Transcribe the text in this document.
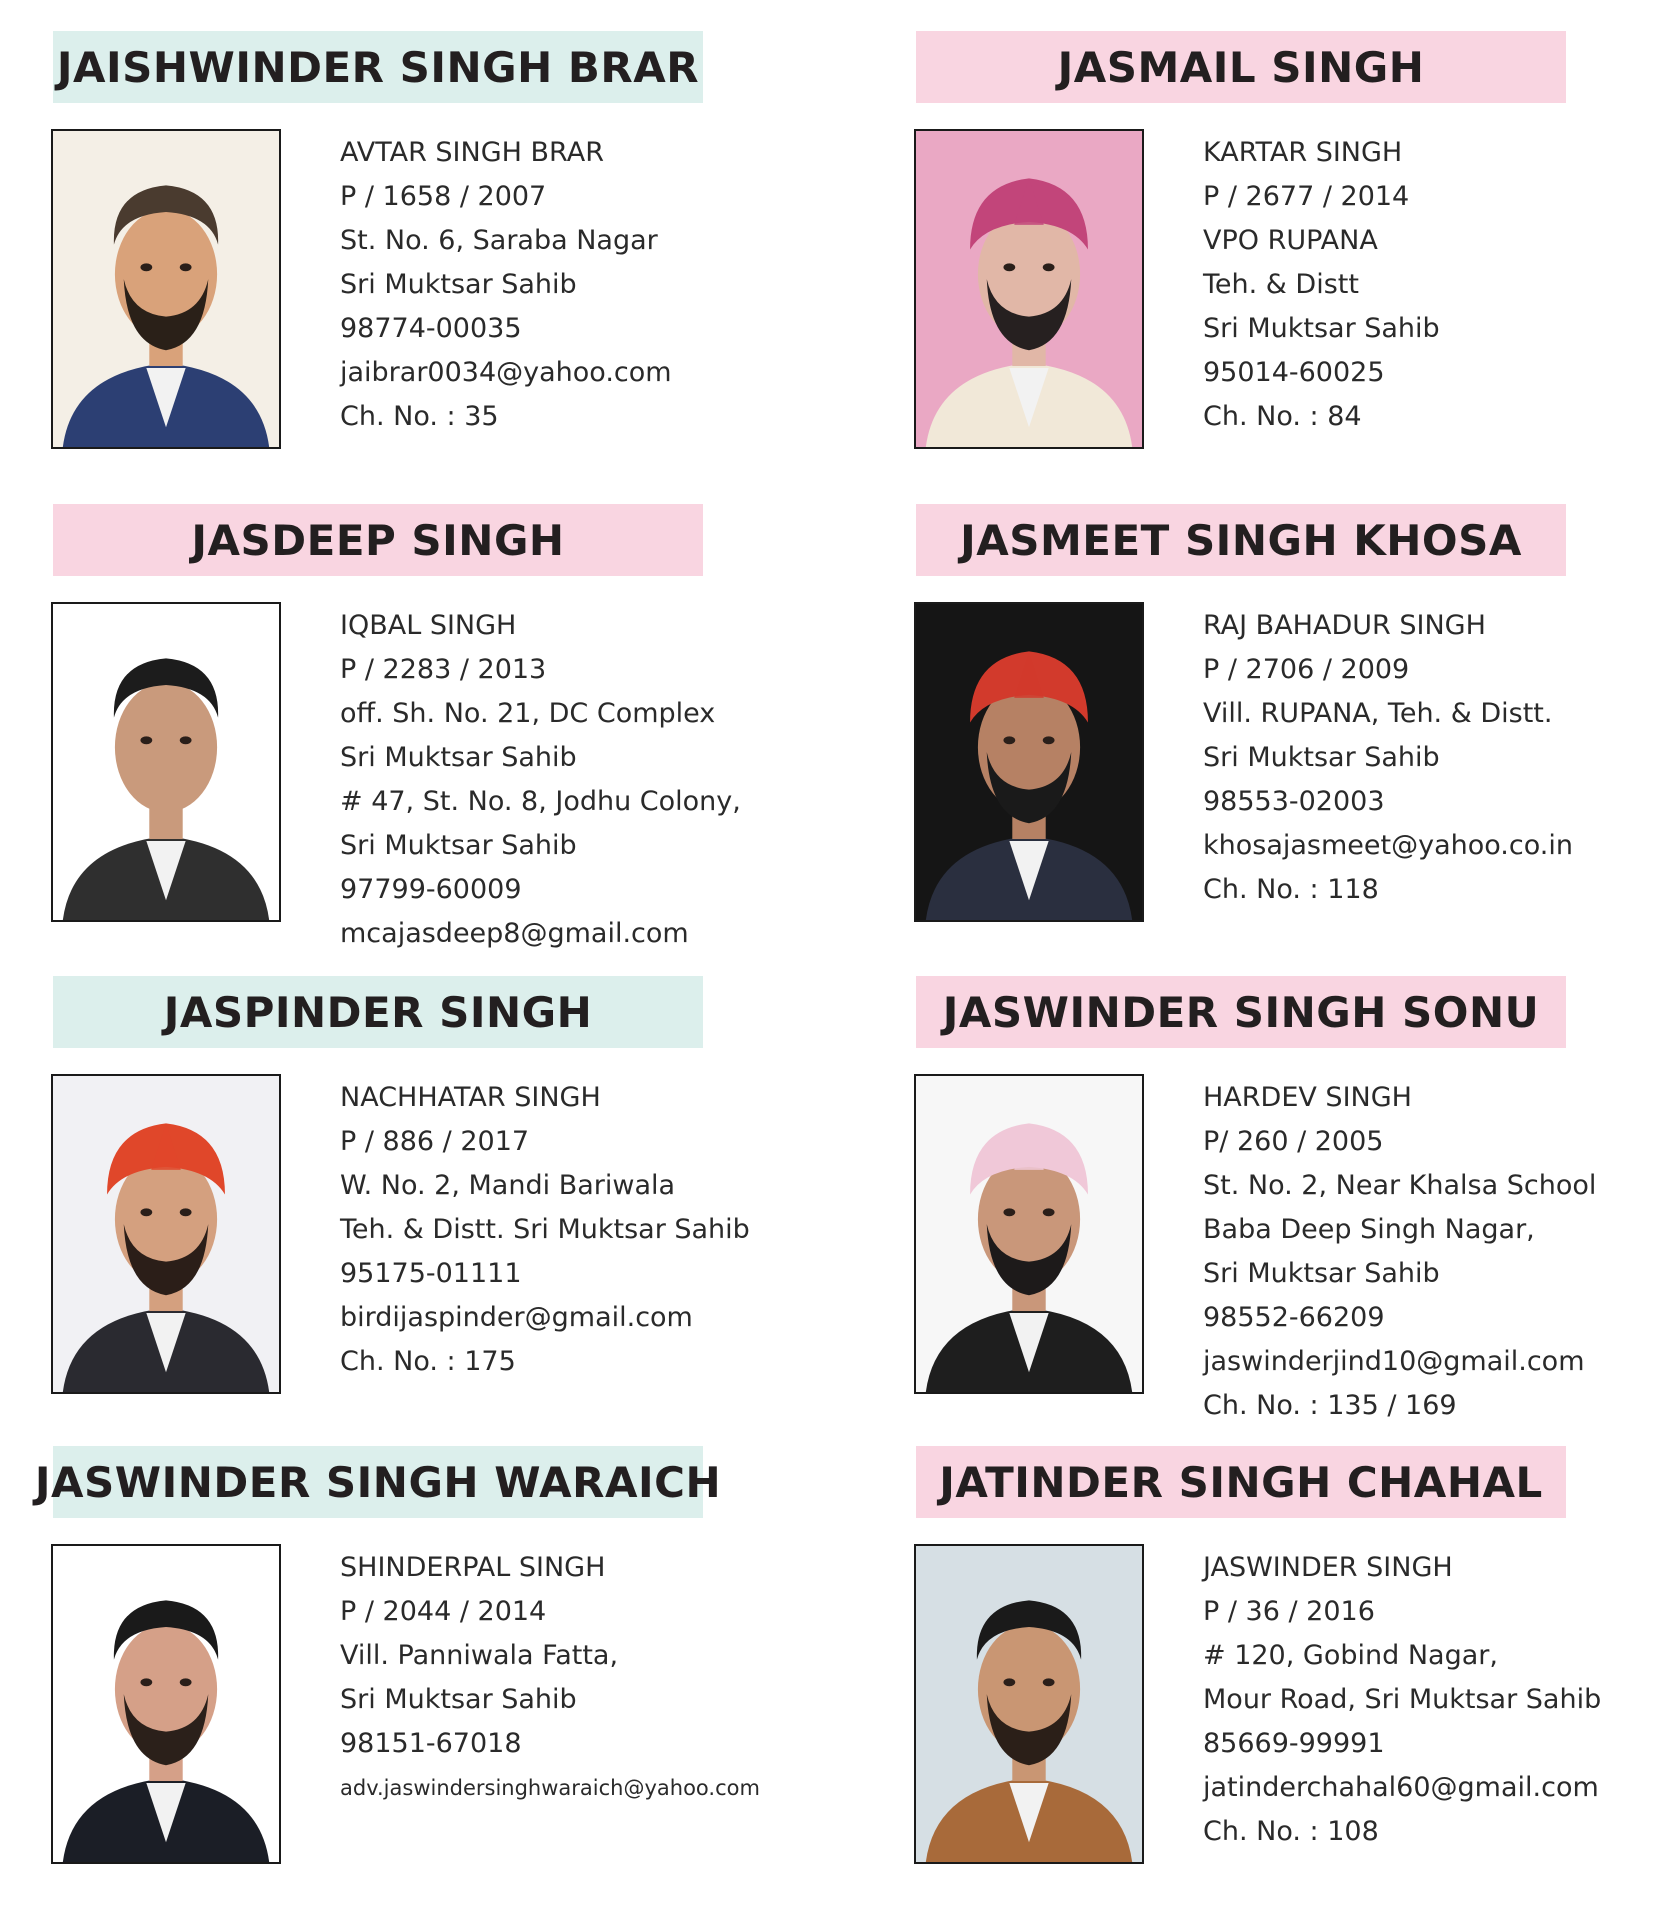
JAISHWINDER SINGH BRAR
AVTAR SINGH BRAR
P / 1658 / 2007
St. No. 6, Saraba Nagar
Sri Muktsar Sahib
98774-00035
jaibrar0034@yahoo.com
Ch. No. : 35
JASMAIL SINGH
KARTAR SINGH
P / 2677 / 2014
VPO RUPANA
Teh. & Distt
Sri Muktsar Sahib
95014-60025
Ch. No. : 84
JASDEEP SINGH
IQBAL SINGH
P / 2283 / 2013
off. Sh. No. 21, DC Complex
Sri Muktsar Sahib
# 47, St. No. 8, Jodhu Colony,
Sri Muktsar Sahib
97799-60009
mcajasdeep8@gmail.com
JASMEET SINGH KHOSA
RAJ BAHADUR SINGH
P / 2706 / 2009
Vill. RUPANA, Teh. & Distt.
Sri Muktsar Sahib
98553-02003
khosajasmeet@yahoo.co.in
Ch. No. : 118
JASPINDER SINGH
NACHHATAR SINGH
P / 886 / 2017
W. No. 2, Mandi Bariwala
Teh. & Distt. Sri Muktsar Sahib
95175-01111
birdijaspinder@gmail.com
Ch. No. : 175
JASWINDER SINGH SONU
HARDEV SINGH
P/ 260 / 2005
St. No. 2, Near Khalsa School
Baba Deep Singh Nagar,
Sri Muktsar Sahib
98552-66209
jaswinderjind10@gmail.com
Ch. No. : 135 / 169
JASWINDER SINGH WARAICH
SHINDERPAL SINGH
P / 2044 / 2014
Vill. Panniwala Fatta,
Sri Muktsar Sahib
98151-67018
adv.jaswindersinghwaraich@yahoo.com
JATINDER SINGH CHAHAL
JASWINDER SINGH
P / 36 / 2016
# 120, Gobind Nagar,
Mour Road, Sri Muktsar Sahib
85669-99991
jatinderchahal60@gmail.com
Ch. No. : 108
